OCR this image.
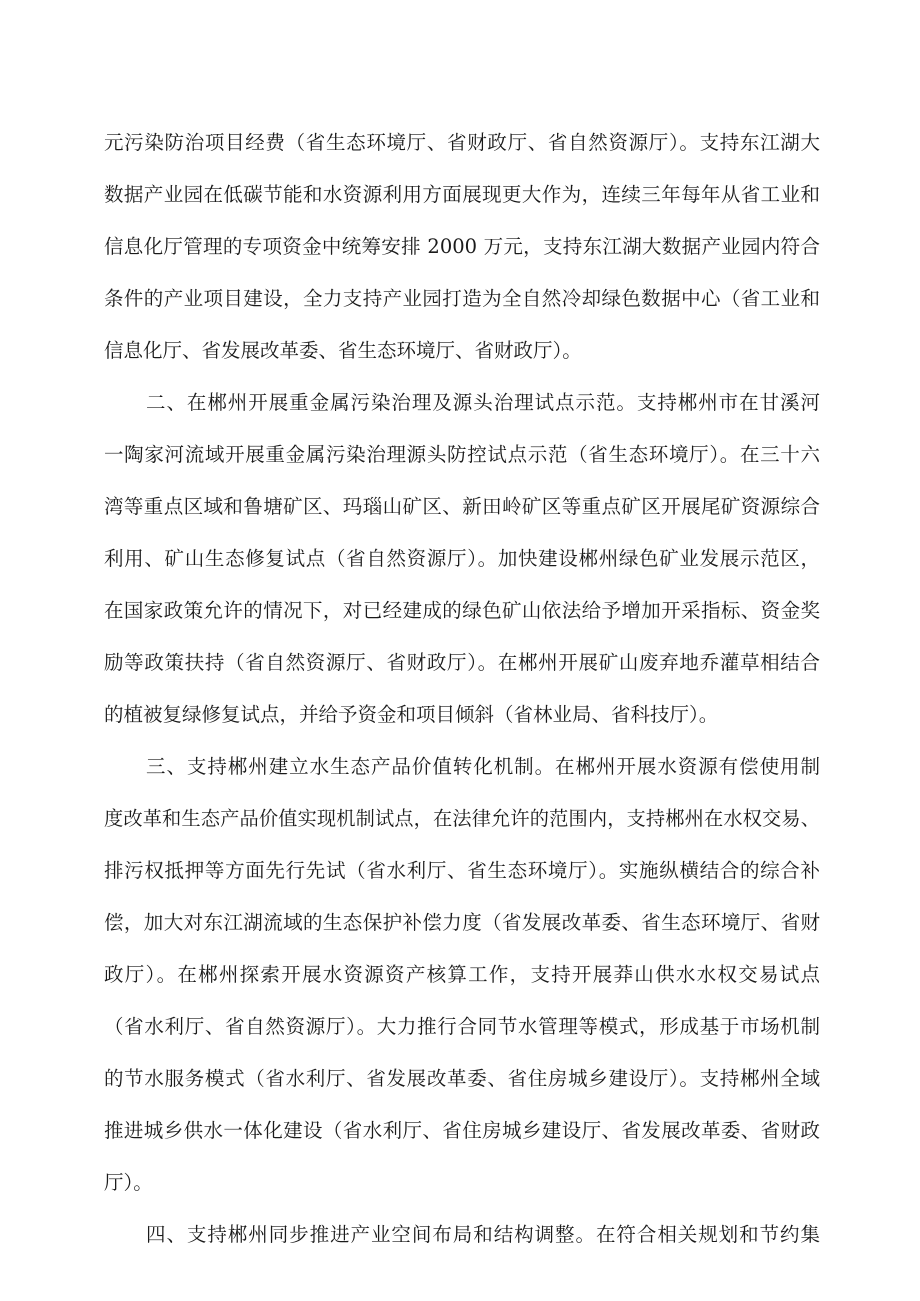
元污染防治项目经费（省生态环境厅、省财政厅、省自然资源厅）。支持东江湖大

数据产业园在低碳节能和水资源利用方面展现更大作为，连续三年每年从省工业和

信息化厅管理的专项资金中统筹安排 2000 万元，支持东江湖大数据产业园内符合

条件的产业项目建设，全力支持产业园打造为全自然冷却绿色数据中心（省工业和

信息化厅、省发展改革委、省生态环境厅、省财政厅）。

二、在郴州开展重金属污染治理及源头治理试点示范。支持郴州市在甘溪河

一陶家河流域开展重金属污染治理源头防控试点示范（省生态环境厅）。在三十六

湾等重点区域和鲁塘矿区、玛瑙山矿区、新田岭矿区等重点矿区开展尾矿资源综合

利用、矿山生态修复试点（省自然资源厅）。加快建设郴州绿色矿业发展示范区，

在国家政策允许的情况下，对已经建成的绿色矿山依法给予增加开采指标、资金奖

励等政策扶持（省自然资源厅、省财政厅）。在郴州开展矿山废弃地乔灌草相结合

的植被复绿修复试点，并给予资金和项目倾斜（省林业局、省科技厅）。

三、支持郴州建立水生态产品价值转化机制。在郴州开展水资源有偿使用制

度改革和生态产品价值实现机制试点，在法律允许的范围内，支持郴州在水权交易、

排污权抵押等方面先行先试（省水利厅、省生态环境厅）。实施纵横结合的综合补

偿，加大对东江湖流域的生态保护补偿力度（省发展改革委、省生态环境厅、省财

政厅）。在郴州探索开展水资源资产核算工作，支持开展莽山供水水权交易试点

（省水利厅、省自然资源厅）。大力推行合同节水管理等模式，形成基于市场机制

的节水服务模式（省水利厅、省发展改革委、省住房城乡建设厅）。支持郴州全域

推进城乡供水一体化建设（省水利厅、省住房城乡建设厅、省发展改革委、省财政

厅）。

四、支持郴州同步推进产业空间布局和结构调整。在符合相关规划和节约集
